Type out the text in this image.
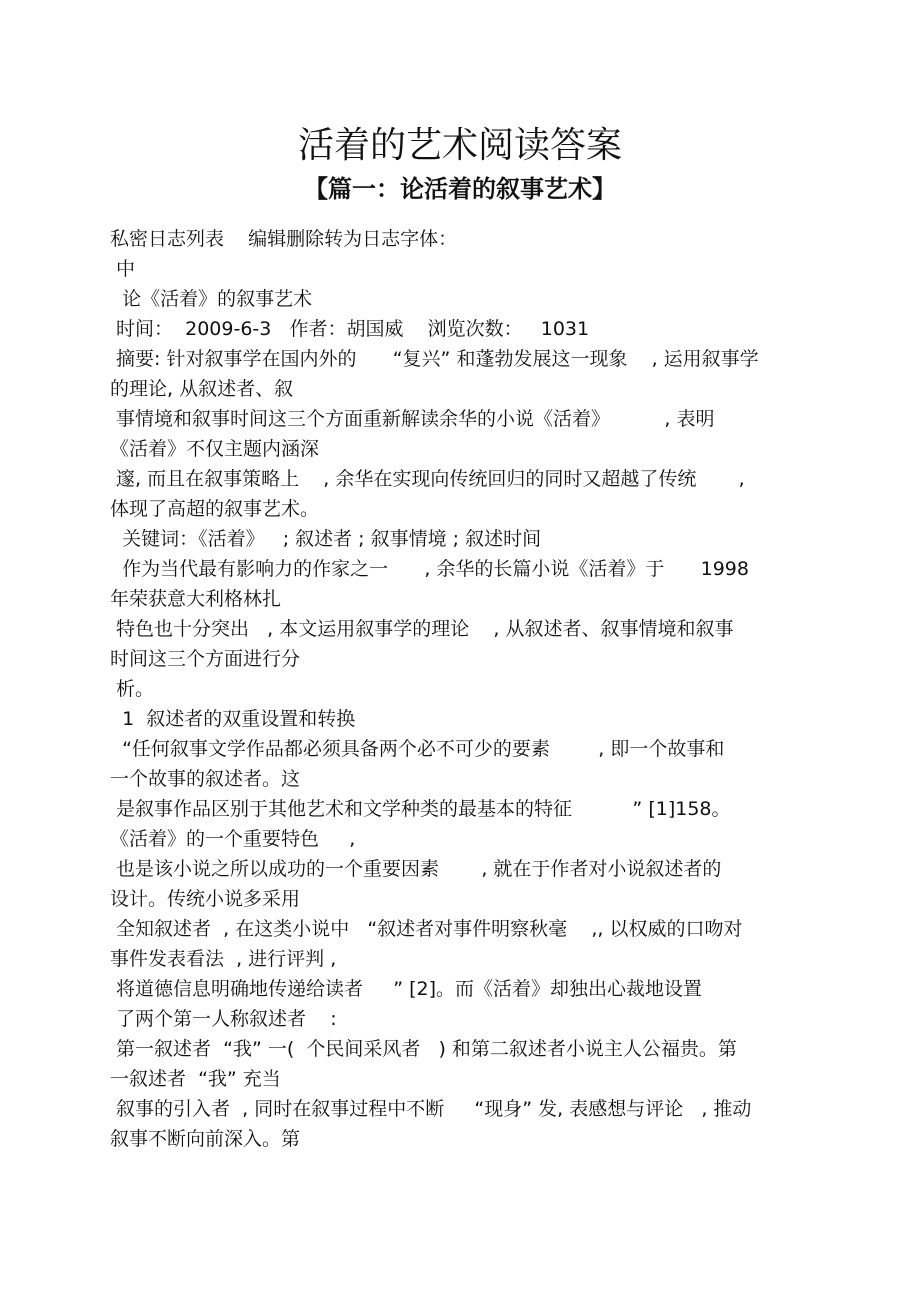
活着的艺术阅读答案
【篇一：论活着的叙事艺术】
私密日志列表    编辑删除转为日志字体：
中
论《活着》的叙事艺术
时间：  2009-6-3   作者：胡国威    浏览次数：   1031
摘要: 针对叙事学在国内外的      “复兴” 和蓬勃发展这一现象    , 运用叙事学
的理论, 从叙述者、叙
事情境和叙事时间这三个方面重新解读余华的小说《活着》         , 表明
《活着》不仅主题内涵深
邃, 而且在叙事策略上    , 余华在实现向传统回归的同时又超越了传统       ,
体现了高超的叙事艺术。
关键词：《活着》   ; 叙述者 ; 叙事情境 ; 叙述时间
作为当代最有影响力的作家之一      , 余华的长篇小说《活着》于      1998
年荣获意大利格林扎
特色也十分突出   , 本文运用叙事学的理论    , 从叙述者、叙事情境和叙事
时间这三个方面进行分
析。
1  叙述者的双重设置和转换
“任何叙事文学作品都必须具备两个必不可少的要素        , 即一个故事和
一个故事的叙述者。这
是叙事作品区别于其他艺术和文学种类的最基本的特征          ” [1]158。
《活着》的一个重要特色     ,
也是该小说之所以成功的一个重要因素       , 就在于作者对小说叙述者的
设计。传统小说多采用
全知叙述者  , 在这类小说中   “叙述者对事件明察秋毫    ,, 以权威的口吻对
事件发表看法  , 进行评判 ,
将道德信息明确地传递给读者     ” [2]。而《活着》却独出心裁地设置
了两个第一人称叙述者    :
第一叙述者  “我” 一(  个民间采风者   ) 和第二叙述者小说主人公福贵。第
一叙述者  “我” 充当
叙事的引入者  , 同时在叙事过程中不断     “现身” 发, 表感想与评论   , 推动
叙事不断向前深入。第
